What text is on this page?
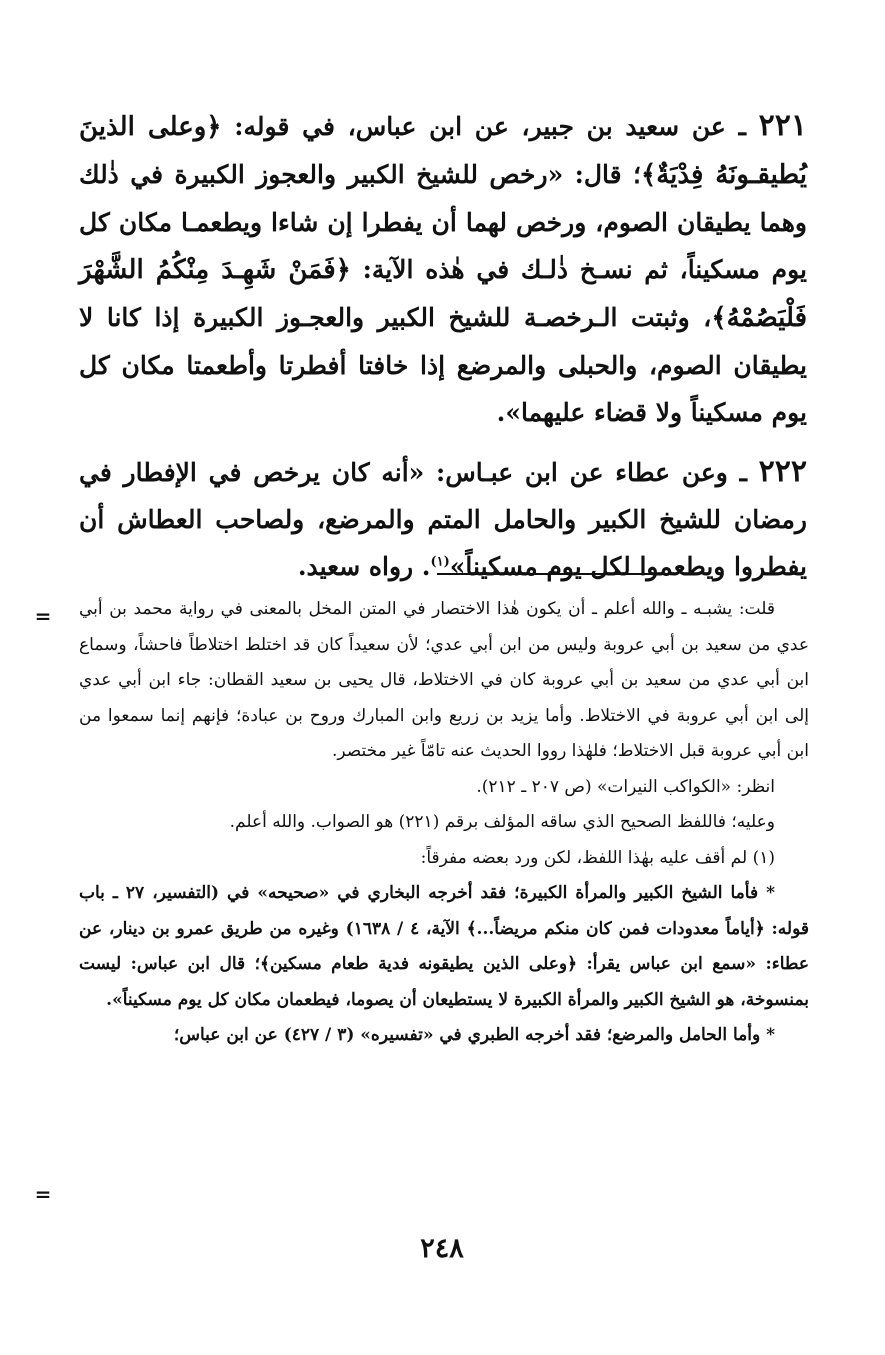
٢٢١ ـ عن سعيد بن جبير، عن ابن عباس، في قوله: ﴿وعلى الذينَ يُطيقـونَهُ فِدْيَةٌ﴾؛ قال: «رخص للشيخ الكبير والعجوز الكبيرة في ذٰلك وهما يطيقان الصوم، ورخص لهما أن يفطرا إن شاءا ويطعمـا مكان كل يوم مسكيناً، ثم نسـخ ذٰلـك في هٰذه الآية: ﴿فَمَنْ شَهِـدَ مِنْكُمُ الشَّهْرَ فَلْيَصُمْهُ﴾، وثبتت الـرخصـة للشيخ الكبير والعجـوز الكبيرة إذا كانا لا يطيقان الصوم، والحبلى والمرضع إذا خافتا أفطرتا وأطعمتا مكان كل يوم مسكيناً ولا قضاء عليهما».

٢٢٢ ـ وعن عطاء عن ابن عبـاس: «أنه كان يرخص في الإفطار في رمضان للشيخ الكبير والحامل المتم والمرضع، ولصاحب العطاش أن يفطروا ويطعموا لكل يوم مسكيناً»$^{(١)}$. رواه سعيد.

= قلت: يشبـه ـ والله أعلم ـ أن يكون هٰذا الاختصار في المتن المخل بالمعنى في رواية محمد بن أبي عدي من سعيد بن أبي عروبة وليس من ابن أبي عدي؛ لأن سعيداً كان قد اختلط اختلاطاً فاحشاً، وسماع ابن أبي عدي من سعيد بن أبي عروبة كان في الاختلاط، قال يحيى بن سعيد القطان: جاء ابن أبي عدي إلى ابن أبي عروبة في الاختلاط. وأما يزيد بن زريع وابن المبارك وروح بن عبادة؛ فإنهم إنما سمعوا من ابن أبي عروبة قبل الاختلاط؛ فلهٰذا رووا الحديث عنه تامّاً غير مختصر.

انظر: «الكواكب النيرات» (ص ٢٠٧ ـ ٢١٢).

وعليه؛ فاللفظ الصحيح الذي ساقه المؤلف برقم (٢٢١) هو الصواب. والله أعلم.

(١) لم أقف عليه بهٰذا اللفظ، لكن ورد بعضه مفرقاً:

* فأما الشيخ الكبير والمرأة الكبيرة؛ فقد أخرجه البخاري في «صحيحه» في (التفسير، ٢٧ ـ باب قوله: ﴿أياماً معدودات فمن كان منكم مريضاً...﴾ الآية، ٤ / ١٦٣٨) وغيره من طريق عمرو بن دينار، عن عطاء: «سمع ابن عباس يقرأ: ﴿وعلى الذين يطيقونه فدية طعام مسكين﴾؛ قال ابن عباس: ليست بمنسوخة، هو الشيخ الكبير والمرأة الكبيرة لا يستطيعان أن يصوما، فيطعمان مكان كل يوم مسكيناً».

* وأما الحامل والمرضع؛ فقد أخرجه الطبري في «تفسيره» (٣ / ٤٢٧) عن ابن عباس؛

=
٢٤٨
